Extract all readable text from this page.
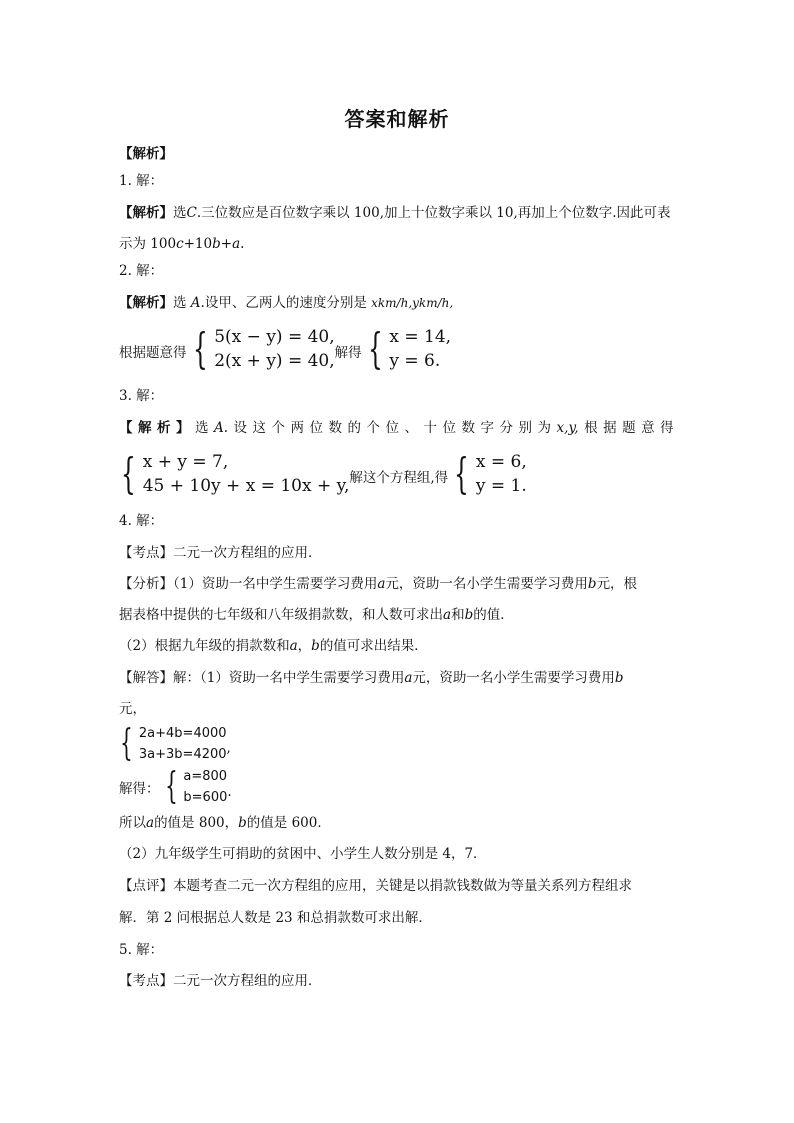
答案和解析
【解析】
1. 解：
【解析】选C.三位数应是百位数字乘以 100,加上十位数字乘以 10,再加上个位数字.因此可表
示为 100c+10b+a.
2. 解：
【解析】选 A.设甲、乙两人的速度分别是 xkm/h,ykm/h,
根据题意得 { 5(x − y) = 40,
2(x + y) = 40, 解得 { x = 14,
y = 6.
3. 解：
【 解 析 】 选 A. 设 这 个 两 位 数 的 个 位 、 十 位 数 字 分 别 为 x,y, 根 据 题 意 得
{ x + y = 7,
45 + 10y + x = 10x + y, 解这个方程组,得 { x = 6,
y = 1.
4. 解：
【考点】二元一次方程组的应用．
【分析】（1）资助一名中学生需要学习费用a元，资助一名小学生需要学习费用b元，根
据表格中提供的七年级和八年级捐款数，和人数可求出a和b的值．
（2）根据九年级的捐款数和a，b的值可求出结果．
【解答】解：（1）资助一名中学生需要学习费用a元，资助一名小学生需要学习费用b
元，
{ 2a+4b=4000
3a+3b=4200 ,
解得： { a=800
b=600 .
所以a的值是 800，b的值是 600．
（2）九年级学生可捐助的贫困中、小学生人数分别是 4，7．
【点评】本题考查二元一次方程组的应用，关键是以捐款钱数做为等量关系列方程组求
解．第 2 问根据总人数是 23 和总捐款数可求出解．
5. 解：
【考点】二元一次方程组的应用．
